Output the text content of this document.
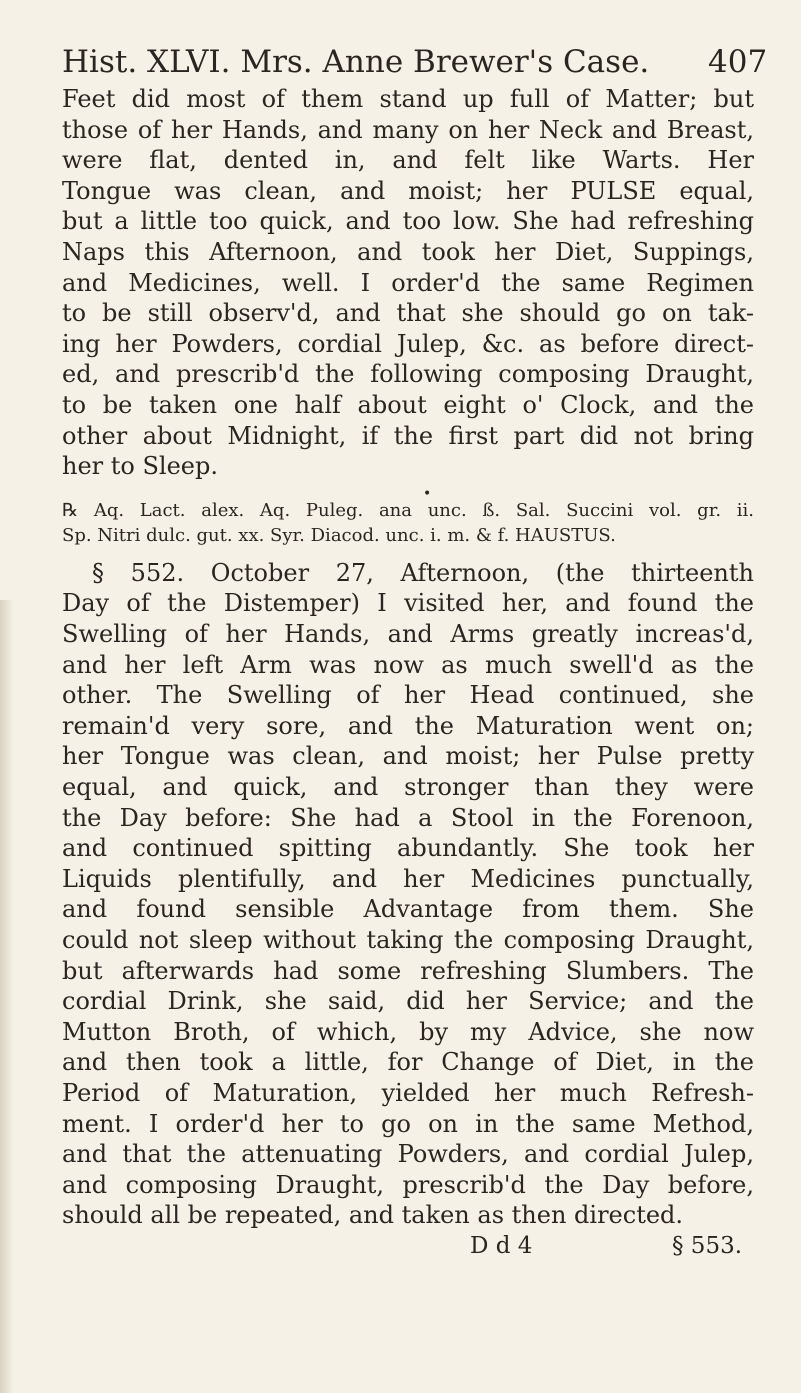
Hist. XLVI. Mrs. Anne Brewer's Case. 407
Feet did most of them stand up full of Matter; but
those of her Hands, and many on her Neck and Breast,
were flat, dented in, and felt like Warts. Her
Tongue was clean, and moist; her PULSE equal,
but a little too quick, and too low. She had refreshing
Naps this Afternoon, and took her Diet, Suppings,
and Medicines, well. I order'd the same Regimen
to be still observ'd, and that she should go on tak-
ing her Powders, cordial Julep, &c. as before direct-
ed, and prescrib'd the following composing Draught,
to be taken one half about eight o' Clock, and the
other about Midnight, if the first part did not bring
her to Sleep.
•
℞ Aq. Lact. alex. Aq. Puleg. ana unc. ß. Sal. Succini vol. gr. ii.
Sp. Nitri dulc. gut. xx. Syr. Diacod. unc. i. m. & f. HAUSTUS.
§ 552. October 27, Afternoon, (the thirteenth
Day of the Distemper) I visited her, and found the
Swelling of her Hands, and Arms greatly increas'd,
and her left Arm was now as much swell'd as the
other. The Swelling of her Head continued, she
remain'd very sore, and the Maturation went on;
her Tongue was clean, and moist; her Pulse pretty
equal, and quick, and stronger than they were
the Day before: She had a Stool in the Forenoon,
and continued spitting abundantly. She took her
Liquids plentifully, and her Medicines punctually,
and found sensible Advantage from them. She
could not sleep without taking the composing Draught,
but afterwards had some refreshing Slumbers. The
cordial Drink, she said, did her Service; and the
Mutton Broth, of which, by my Advice, she now
and then took a little, for Change of Diet, in the
Period of Maturation, yielded her much Refresh-
ment. I order'd her to go on in the same Method,
and that the attenuating Powders, and cordial Julep,
and composing Draught, prescrib'd the Day before,
should all be repeated, and taken as then directed.
D d 4	§ 553.
